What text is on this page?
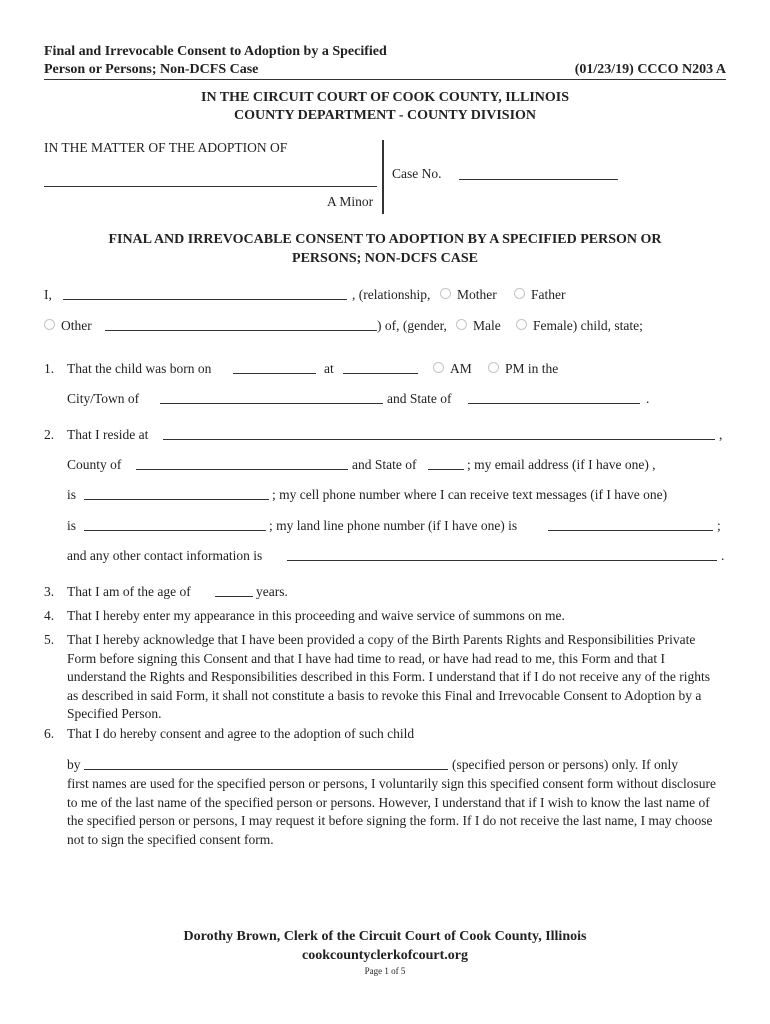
Final and Irrevocable Consent to Adoption by a Specified
Person or Persons; Non-DCFS Case	(01/23/19) CCCO N203 A
IN THE CIRCUIT COURT OF COOK COUNTY, ILLINOIS
COUNTY DEPARTMENT - COUNTY DIVISION
IN THE MATTER OF THE ADOPTION OF
A Minor
Case No.
FINAL AND IRREVOCABLE CONSENT TO ADOPTION BY A SPECIFIED PERSON OR
PERSONS; NON-DCFS CASE
I,	, (relationship,	Mother	Father
Other	) of, (gender,	Male	Female) child, state;
1. That the child was born on	at	AM	PM in the
City/Town of	and State of	.
2. That I reside at	,
County of	and State of	; my email address (if I have one) ,
is	; my cell phone number where I can receive text messages (if I have one)
is	; my land line phone number (if I have one) is	;
and any other contact information is	.
3. That I am of the age of	years.
4. That I hereby enter my appearance in this proceeding and waive service of summons on me.
5. That I hereby acknowledge that I have been provided a copy of the Birth Parents Rights and Responsibilities Private Form before signing this Consent and that I have had time to read, or have had read to me, this Form and that I understand the Rights and Responsibilities described in this Form. I understand that if I do not receive any of the rights as described in said Form, it shall not constitute a basis to revoke this Final and Irrevocable Consent to Adoption by a Specified Person.
6. That I do hereby consent and agree to the adoption of such child
by	(specified person or persons) only. If only
first names are used for the specified person or persons, I voluntarily sign this specified consent form without disclosure to me of the last name of the specified person or persons. However, I understand that if I wish to know the last name of the specified person or persons, I may request it before signing the form. If I do not receive the last name, I may choose not to sign the specified consent form.
Dorothy Brown, Clerk of the Circuit Court of Cook County, Illinois
cookcountyclerkofcourt.org
Page 1 of 5
